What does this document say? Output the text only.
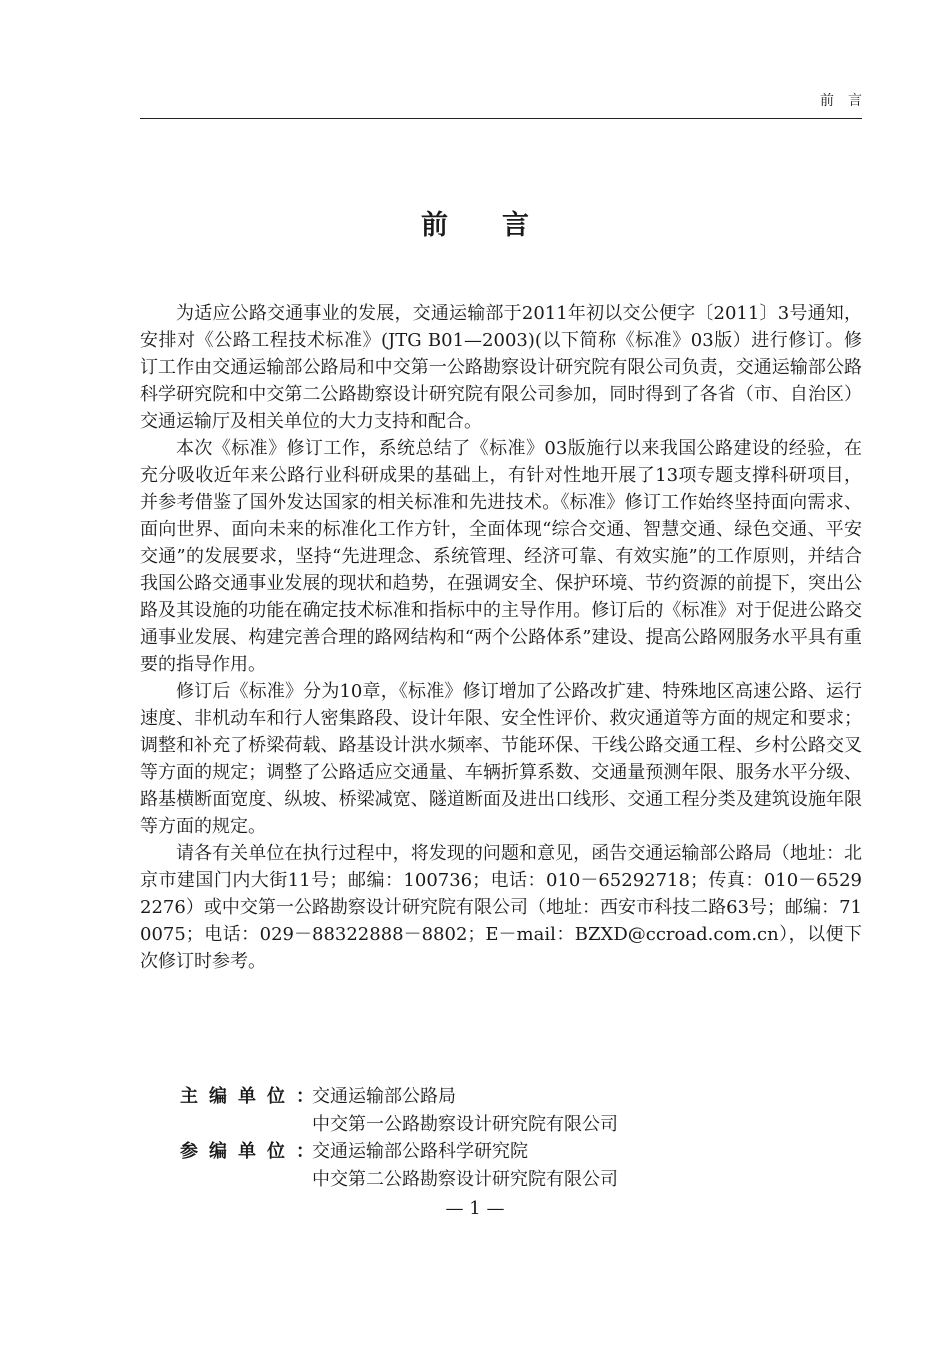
前言
前言

为适应公路交通事业的发展，交通运输部于2011年初以交公便字〔2011〕3号通知，安排对《公路工程技术标准》(JTG B01—2003)(以下简称《标准》03版）进行修订。修订工作由交通运输部公路局和中交第一公路勘察设计研究院有限公司负责，交通运输部公路科学研究院和中交第二公路勘察设计研究院有限公司参加，同时得到了各省（市、自治区）交通运输厅及相关单位的大力支持和配合。

本次《标准》修订工作，系统总结了《标准》03版施行以来我国公路建设的经验，在充分吸收近年来公路行业科研成果的基础上，有针对性地开展了13项专题支撑科研项目，并参考借鉴了国外发达国家的相关标准和先进技术。《标准》修订工作始终坚持面向需求、面向世界、面向未来的标准化工作方针，全面体现“综合交通、智慧交通、绿色交通、平安交通”的发展要求，坚持“先进理念、系统管理、经济可靠、有效实施”的工作原则，并结合我国公路交通事业发展的现状和趋势，在强调安全、保护环境、节约资源的前提下，突出公路及其设施的功能在确定技术标准和指标中的主导作用。修订后的《标准》对于促进公路交通事业发展、构建完善合理的路网结构和“两个公路体系”建设、提高公路网服务水平具有重要的指导作用。

修订后《标准》分为10章，《标准》修订增加了公路改扩建、特殊地区高速公路、运行速度、非机动车和行人密集路段、设计年限、安全性评价、救灾通道等方面的规定和要求；调整和补充了桥梁荷载、路基设计洪水频率、节能环保、干线公路交通工程、乡村公路交叉等方面的规定；调整了公路适应交通量、车辆折算系数、交通量预测年限、服务水平分级、路基横断面宽度、纵坡、桥梁减宽、隧道断面及进出口线形、交通工程分类及建筑设施年限等方面的规定。

请各有关单位在执行过程中，将发现的问题和意见，函告交通运输部公路局（地址：北京市建国门内大街11号；邮编：100736；电话：010－65292718；传真：010－65292276）或中交第一公路勘察设计研究院有限公司（地址：西安市科技二路63号；邮编：710075；电话：029－88322888－8802；E－mail：BZXD@ccroad.com.cn），以便下次修订时参考。

主编单位：
交通运输部公路局
中交第一公路勘察设计研究院有限公司
参编单位：
交通运输部公路科学研究院
中交第二公路勘察设计研究院有限公司
— 1 —
